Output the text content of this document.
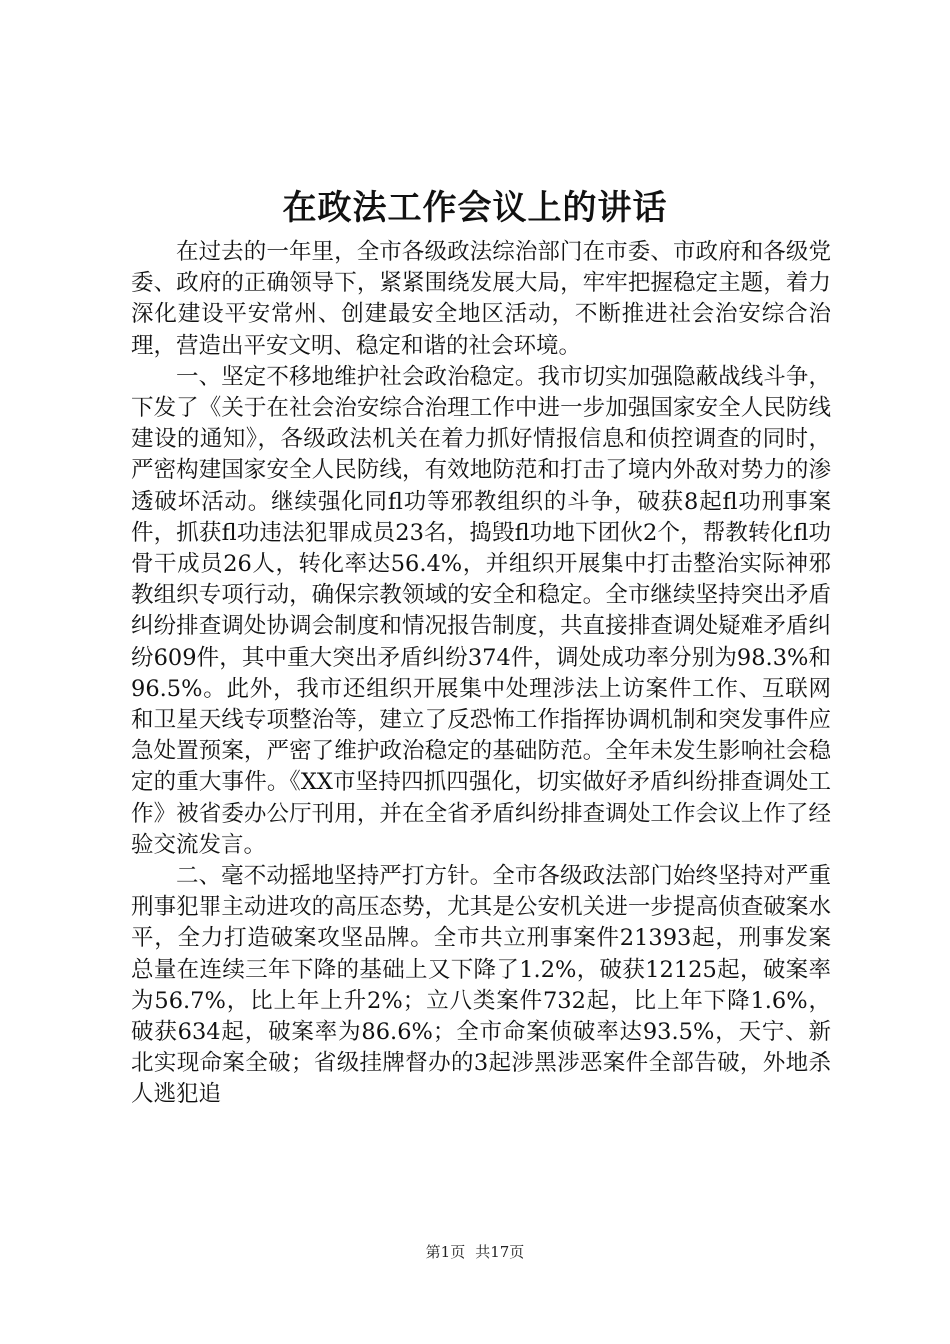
在政法工作会议上的讲话

在过去的一年里，全市各级政法综治部门在市委、市政府和各级党委、政府的正确领导下，紧紧围绕发展大局，牢牢把握稳定主题，着力深化建设平安常州、创建最安全地区活动，不断推进社会治安综合治理，营造出平安文明、稳定和谐的社会环境。

一、坚定不移地维护社会政治稳定。我市切实加强隐蔽战线斗争，下发了《关于在社会治安综合治理工作中进一步加强国家安全人民防线建设的通知》，各级政法机关在着力抓好情报信息和侦控调查的同时，严密构建国家安全人民防线，有效地防范和打击了境内外敌对势力的渗透破坏活动。继续强化同fl功等邪教组织的斗争，破获8起fl功刑事案件，抓获fl功违法犯罪成员23名，捣毁fl功地下团伙2个，帮教转化fl功骨干成员26人，转化率达56.4%，并组织开展集中打击整治实际神邪教组织专项行动，确保宗教领域的安全和稳定。全市继续坚持突出矛盾纠纷排查调处协调会制度和情况报告制度，共直接排查调处疑难矛盾纠纷609件，其中重大突出矛盾纠纷374件，调处成功率分别为98.3%和96.5%。此外，我市还组织开展集中处理涉法上访案件工作、互联网和卫星天线专项整治等，建立了反恐怖工作指挥协调机制和突发事件应急处置预案，严密了维护政治稳定的基础防范。全年未发生影响社会稳定的重大事件。《XX市坚持四抓四强化，切实做好矛盾纠纷排查调处工作》被省委办公厅刊用，并在全省矛盾纠纷排查调处工作会议上作了经验交流发言。

二、毫不动摇地坚持严打方针。全市各级政法部门始终坚持对严重刑事犯罪主动进攻的高压态势，尤其是公安机关进一步提高侦查破案水平，全力打造破案攻坚品牌。全市共立刑事案件21393起，刑事发案总量在连续三年下降的基础上又下降了1.2%，破获12125起，破案率为56.7%，比上年上升2%；立八类案件732起，比上年下降1.6%，破获634起，破案率为86.6%；全市命案侦破率达93.5%，天宁、新北实现命案全破；省级挂牌督办的3起涉黑涉恶案件全部告破，外地杀人逃犯追

第1页 共17页
